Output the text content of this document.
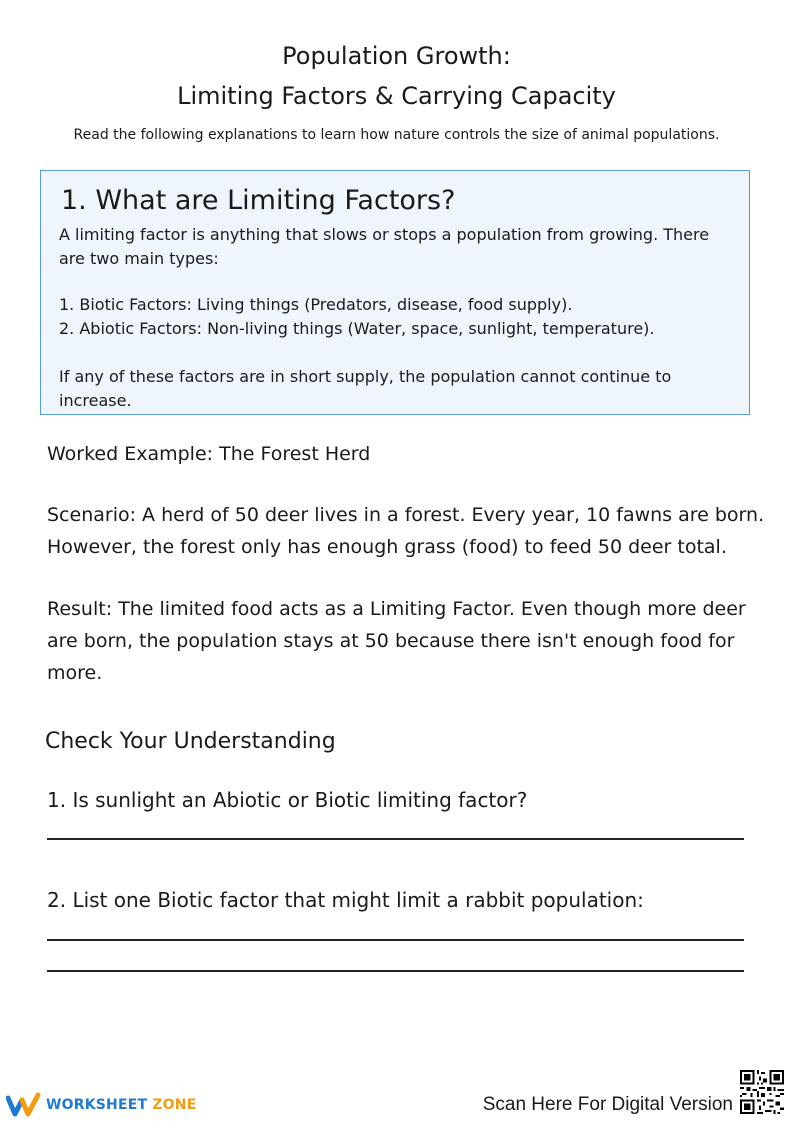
Population Growth:
Limiting Factors & Carrying Capacity
Read the following explanations to learn how nature controls the size of animal populations.
1. What are Limiting Factors?
A limiting factor is anything that slows or stops a population from growing. There
are two main types:
1. Biotic Factors: Living things (Predators, disease, food supply).
2. Abiotic Factors: Non-living things (Water, space, sunlight, temperature).
If any of these factors are in short supply, the population cannot continue to
increase.
Worked Example: The Forest Herd
Scenario: A herd of 50 deer lives in a forest. Every year, 10 fawns are born.
However, the forest only has enough grass (food) to feed 50 deer total.
Result: The limited food acts as a Limiting Factor. Even though more deer
are born, the population stays at 50 because there isn't enough food for
more.
Check Your Understanding
1. Is sunlight an Abiotic or Biotic limiting factor?
2. List one Biotic factor that might limit a rabbit population:
WORKSHEET ZONE	Scan Here For Digital Version
